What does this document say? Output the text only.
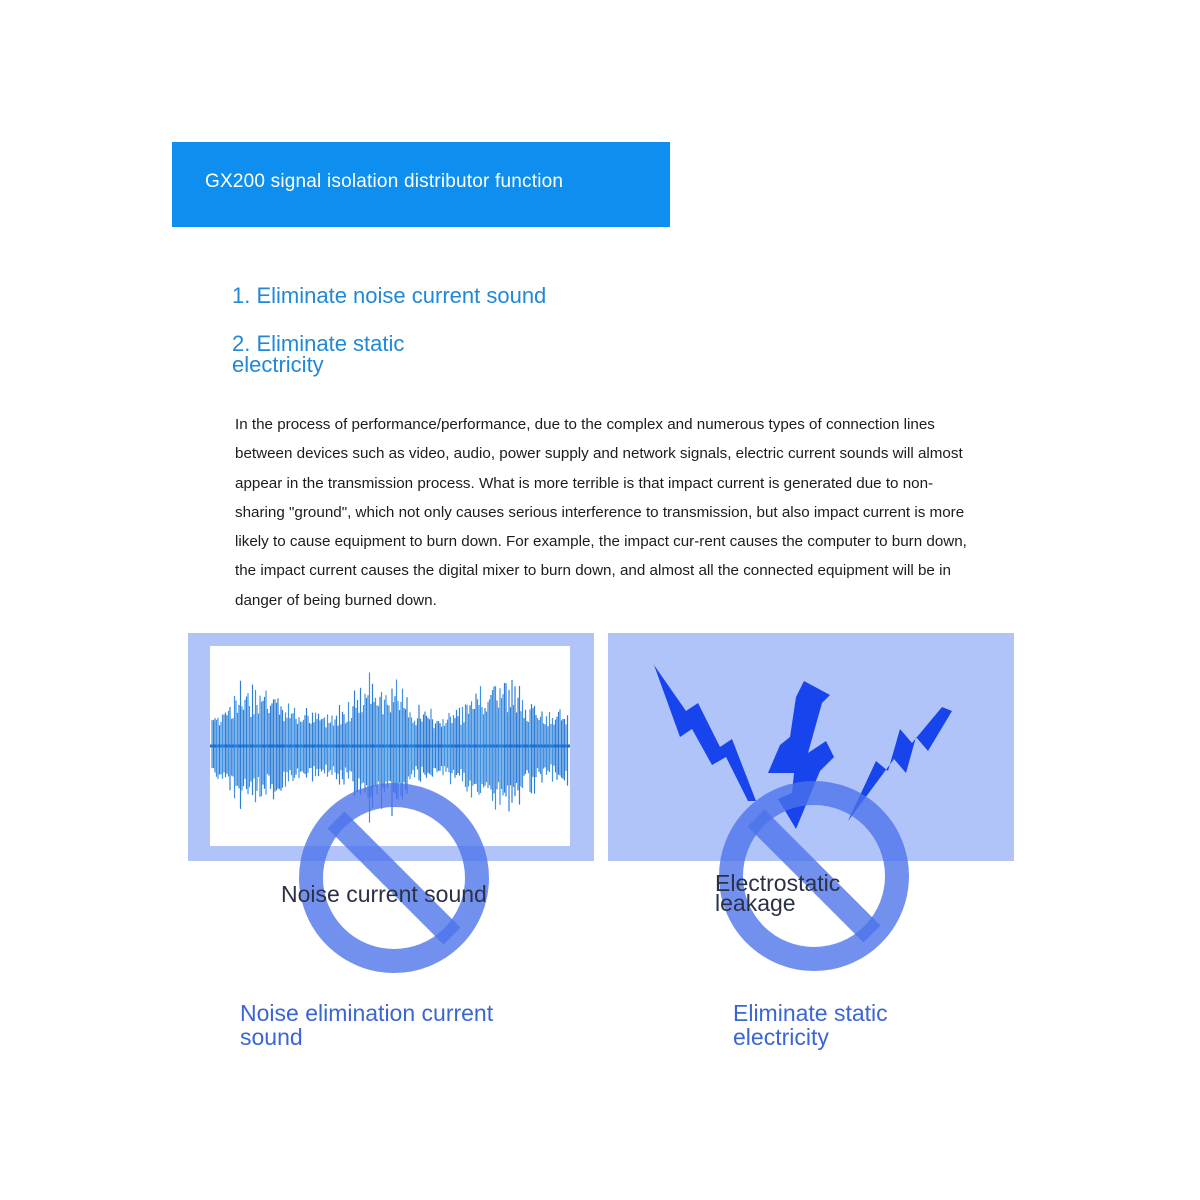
GX200 signal isolation distributor function
1. Eliminate noise current sound
2. Eliminate static electricity
In the process of performance/performance, due to the complex and numerous types of connection lines between devices such as video, audio, power supply and network signals, electric current sounds will almost appear in the transmission process. What is more terrible is that impact current is generated due to non-sharing "ground", which not only causes serious interference to transmission, but also impact current is more likely to cause equipment to burn down. For example, the impact cur-rent causes the computer to burn down, the impact current causes the digital mixer to burn down, and almost all the connected equipment will be in danger of being burned down.
Noise current sound	Electrostatic leakage
Noise elimination current sound
Eliminate static electricity
